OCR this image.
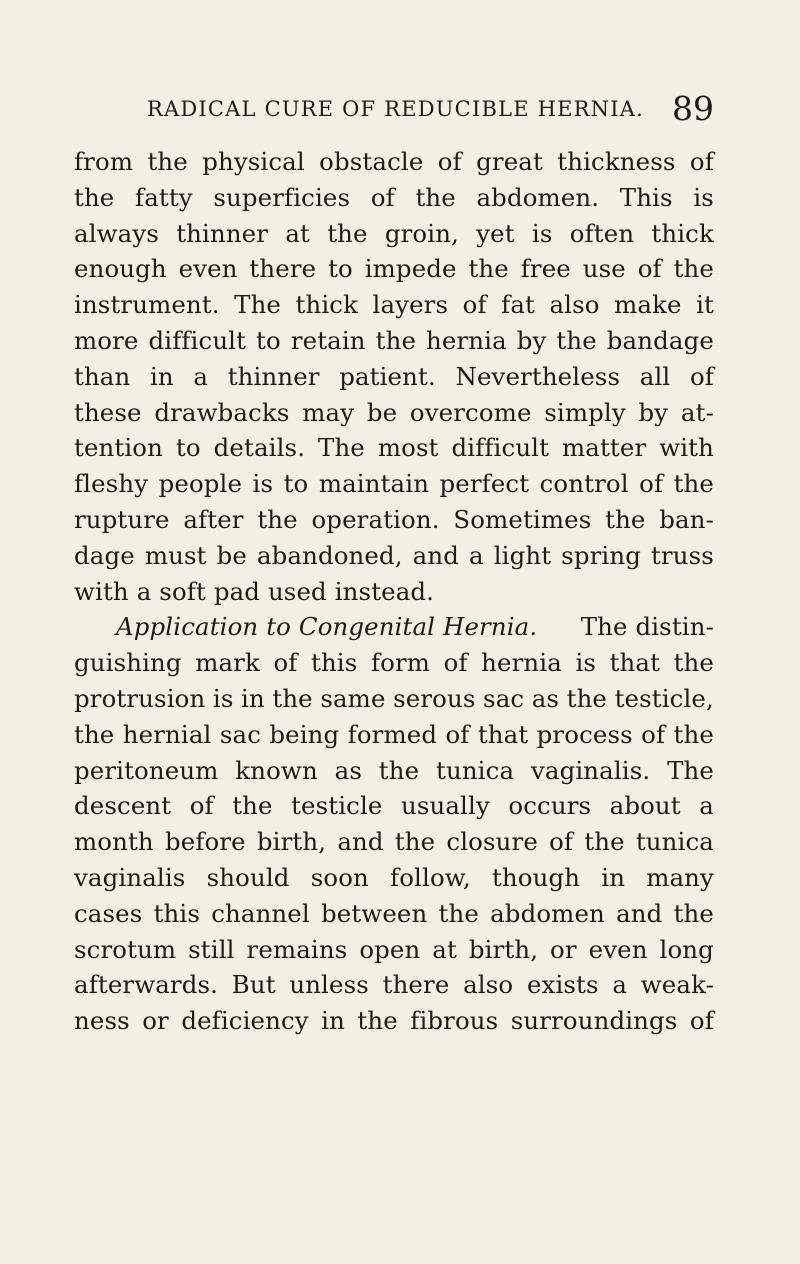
RADICAL CURE OF REDUCIBLE HERNIA. 89
from the physical obstacle of great thickness of
the fatty superficies of the abdomen. This is
always thinner at the groin, yet is often thick
enough even there to impede the free use of the
instrument. The thick layers of fat also make it
more difficult to retain the hernia by the bandage
than in a thinner patient. Nevertheless all of
these drawbacks may be overcome simply by at-
tention to details. The most difficult matter with
fleshy people is to maintain perfect control of the
rupture after the operation. Sometimes the ban-
dage must be abandoned, and a light spring truss
with a soft pad used instead.
Application to Congenital Hernia. The distin-
guishing mark of this form of hernia is that the
protrusion is in the same serous sac as the testicle,
the hernial sac being formed of that process of the
peritoneum known as the tunica vaginalis. The
descent of the testicle usually occurs about a
month before birth, and the closure of the tunica
vaginalis should soon follow, though in many
cases this channel between the abdomen and the
scrotum still remains open at birth, or even long
afterwards. But unless there also exists a weak-
ness or deficiency in the fibrous surroundings of
